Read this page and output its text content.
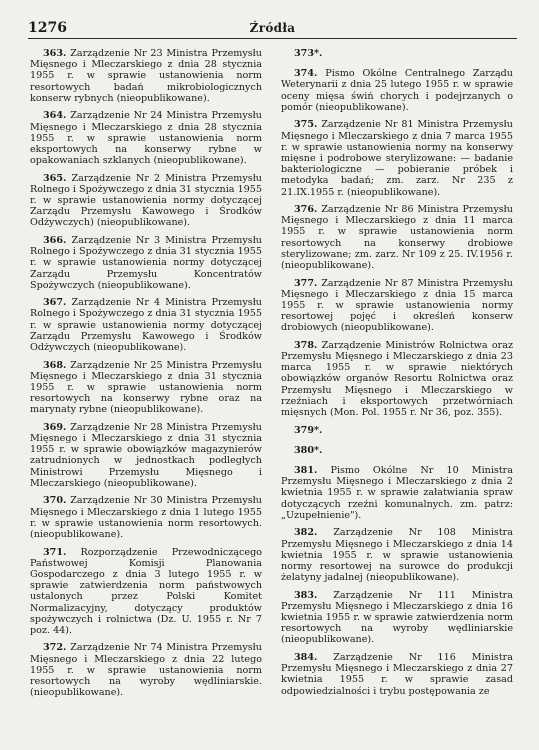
1276	Źródła

363. Zarządzenie Nr 23 Ministra Przemysłu Mięsnego i Mleczarskiego z dnia 28 stycznia 1955 r. w sprawie ustanowienia norm resortowych badań mikrobiologicznych konserw rybnych (nieopublikowane).

364. Zarządzenie Nr 24 Ministra Przemysłu Mięsnego i Mleczarskiego z dnia 28 stycznia 1955 r. w sprawie ustanowienia norm eksportowych na konserwy rybne w opakowaniach szklanych (nieopublikowane).

365. Zarządzenie Nr 2 Ministra Przemysłu Rolnego i Spożywczego z dnia 31 stycznia 1955 r. w sprawie ustanowienia normy dotyczącej Zarządu Przemysłu Kawowego i Środków Odżywczych) (nieopublikowane).

366. Zarządzenie Nr 3 Ministra Przemysłu Rolnego i Spożywczego z dnia 31 stycznia 1955 r. w sprawie ustanowienia normy dotyczącej Zarządu Przemysłu Koncentratów Spożywczych (nieopublikowane).

367. Zarządzenie Nr 4 Ministra Przemysłu Rolnego i Spożywczego z dnia 31 stycznia 1955 r. w sprawie ustanowienia normy dotyczącej Zarządu Przemysłu Kawowego i Środków Odżywczych (nieopublikowane).

368. Zarządzenie Nr 25 Ministra Przemysłu Mięsnego i Mleczarskiego z dnia 31 stycznia 1955 r. w sprawie ustanowienia norm resortowych na konserwy rybne oraz na marynaty rybne (nieopublikowane).

369. Zarządzenie Nr 28 Ministra Przemysłu Mięsnego i Mleczarskiego z dnia 31 stycznia 1955 r. w sprawie obowiązków magazynierów zatrudnionych w jednostkach podległych Ministrowi Przemysłu Mięsnego i Mleczarskiego (nieopublikowane).

370. Zarządzenie Nr 30 Ministra Przemysłu Mięsnego i Mleczarskiego z dnia 1 lutego 1955 r. w sprawie ustanowienia norm resortowych. (nieopublikowane).

371. Rozporządzenie Przewodniczącego Państwowej Komisji Planowania Gospodarczego z dnia 3 lutego 1955 r. w sprawie zatwierdzenia norm państwowych ustalonych przez Polski Komitet Normalizacyjny, dotyczący produktów spożywczych i rolnictwa (Dz. U. 1955 r. Nr 7 poz. 44).

372. Zarządzenie Nr 74 Ministra Przemysłu Mięsnego i Mleczarskiego z dnia 22 lutego 1955 r. w sprawie ustanowienia norm resortowych na wyroby wędliniarskie. (nieopublikowane).

373*.

374. Pismo Okólne Centralnego Zarządu Weterynarii z dnia 25 lutego 1955 r. w sprawie oceny mięsa świń chorych i podejrzanych o pomór (nieopublikowane).

375. Zarządzenie Nr 81 Ministra Przemysłu Mięsnego i Mleczarskiego z dnia 7 marca 1955 r. w sprawie ustanowienia normy na konserwy mięsne i podrobowe sterylizowane: — badanie bakteriologiczne — pobieranie próbek i metodyka badań; zm. zarz. Nr 235 z 21.IX.1955 r. (nieopublikowane).

376. Zarządzenie Nr 86 Ministra Przemysłu Mięsnego i Mleczarskiego z dnia 11 marca 1955 r. w sprawie ustanowienia norm resortowych na konserwy drobiowe sterylizowane; zm. zarz. Nr 109 z 25. IV.1956 r. (nieopublikowane).

377. Zarządzenie Nr 87 Ministra Przemysłu Mięsnego i Mleczarskiego z dnia 15 marca 1955 r. w sprawie ustanowienia normy resortowej pojęć i określeń konserw drobiowych (nieopublikowane).

378. Zarządzenie Ministrów Rolnictwa oraz Przemysłu Mięsnego i Mleczarskiego z dnia 23 marca 1955 r. w sprawie niektórych obowiązków organów Resortu Rolnictwa oraz Przemysłu Mięsnego i Mleczarskiego w rzeźniach i eksportowych przetwórniach mięsnych (Mon. Pol. 1955 r. Nr 36, poz. 355).

379*.

380*.

381. Pismo Okólne Nr 10 Ministra Przemysłu Mięsnego i Mleczarskiego z dnia 2 kwietnia 1955 r. w sprawie załatwiania spraw dotyczących rzeźni komunalnych. zm. patrz: „Uzupełnienie").

382. Zarządzenie Nr 108 Ministra Przemysłu Mięsnego i Mleczarskiego z dnia 14 kwietnia 1955 r. w sprawie ustanowienia normy resortowej na surowce do produkcji żelatyny jadalnej (nieopublikowane).

383. Zarządzenie Nr 111 Ministra Przemysłu Mięsnego i Mleczarskiego z dnia 16 kwietnia 1955 r. w sprawie zatwierdzenia norm resortowych na wyroby wędliniarskie (nieopublikowane).

384. Zarządzenie Nr 116 Ministra Przemysłu Mięsnego i Mleczarskiego z dnia 27 kwietnia 1955 r. w sprawie zasad odpowiedzialności i trybu postępowania ze
